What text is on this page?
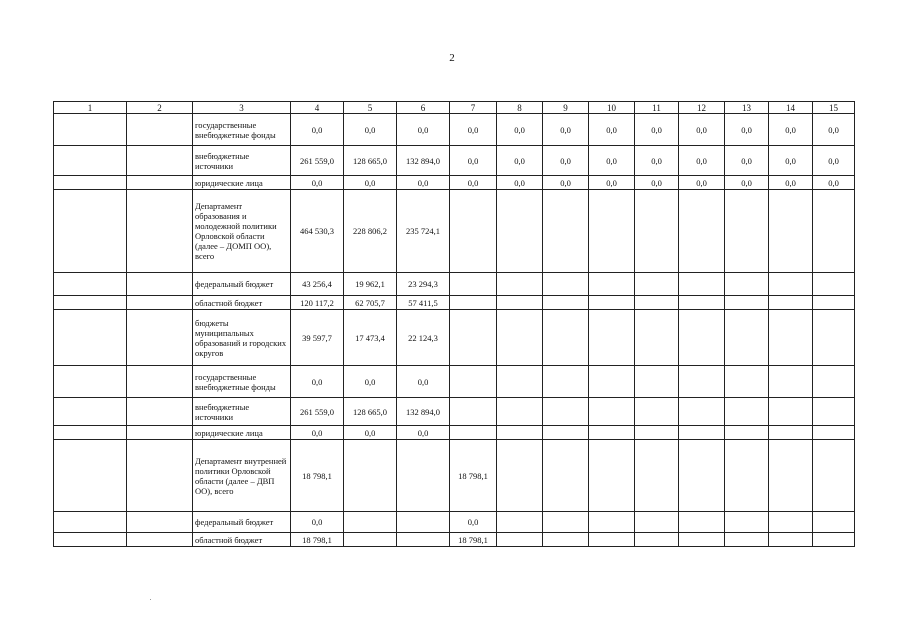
2
1	2	3	4	5	6	7	8	9	10	11	12	13	14	15
		государственные внебюджетные фонды	0,0	0,0	0,0	0,0	0,0	0,0	0,0	0,0	0,0	0,0	0,0	0,0
		внебюджетные источники	261 559,0	128 665,0	132 894,0	0,0	0,0	0,0	0,0	0,0	0,0	0,0	0,0	0,0
		юридические лица	0,0	0,0	0,0	0,0	0,0	0,0	0,0	0,0	0,0	0,0	0,0	0,0
		Департамент образования и молодежной политики Орловской области (далее – ДОМП ОО), всего	464 530,3	228 806,2	235 724,1									
		федеральный бюджет	43 256,4	19 962,1	23 294,3									
		областной бюджет	120 117,2	62 705,7	57 411,5									
		бюджеты муниципальных образований и городских округов	39 597,7	17 473,4	22 124,3									
		государственные внебюджетные фонды	0,0	0,0	0,0									
		внебюджетные источники	261 559,0	128 665,0	132 894,0									
		юридические лица	0,0	0,0	0,0									
		Департамент внутренней политики Орловской области (далее – ДВП ОО), всего	18 798,1			18 798,1								
		федеральный бюджет	0,0			0,0								
		областной бюджет	18 798,1			18 798,1								
